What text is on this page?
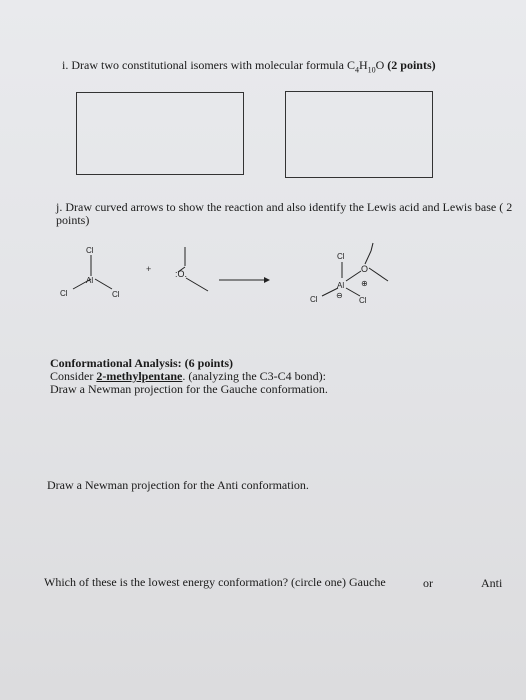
i. Draw two constitutional isomers with molecular formula $C_4H_{10}O$ (2 points)
j. Draw curved arrows to show the reaction and also identify the Lewis acid and Lewis base ( 2
points)
Cl
Al
Cl	Cl
+	:O.
Cl
Al
Cl	Cl
O
⊕
⊖
Conformational Analysis: (6 points)
Consider 2-methylpentane. (analyzing the C3-C4 bond):
Draw a Newman projection for the Gauche conformation.
Draw a Newman projection for the Anti conformation.
Which of these is the lowest energy conformation? (circle one) Gauche	or	Anti
